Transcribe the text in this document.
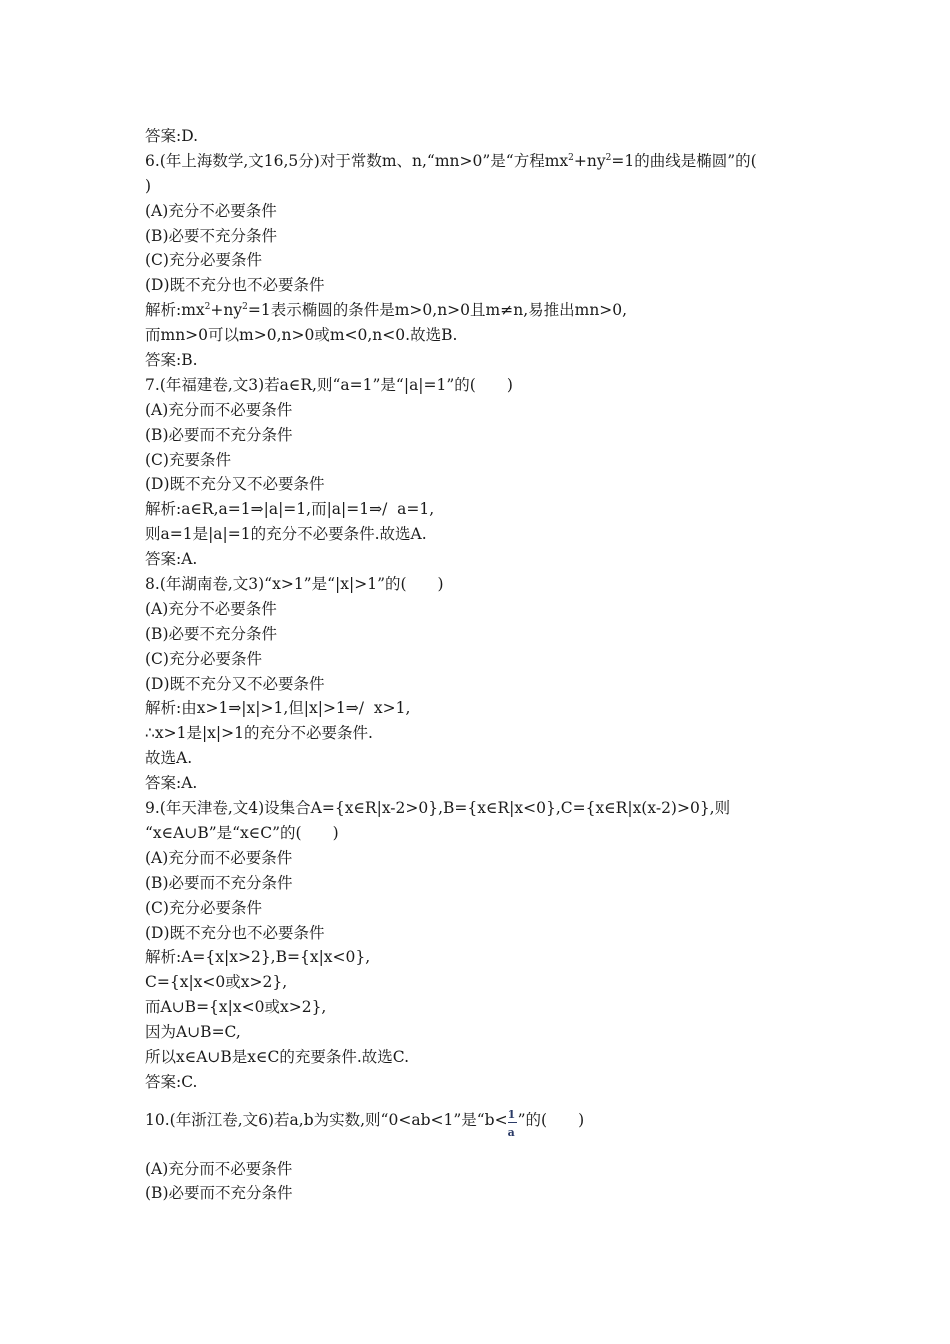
答案:D.
6.(年上海数学,文16,5分)对于常数m、n,“mn>0”是“方程$mx^2+ny^2=1$的曲线是椭圆”的(
)
(A)充分不必要条件
(B)必要不充分条件
(C)充分必要条件
(D)既不充分也不必要条件
解析$:mx^2+ny^2=1$表示椭圆的条件是m>0,n>0且m≠n,易推出mn>0,
而mn>0可以m>0,n>0或m<0,n<0.故选B.
答案:B.
7.(年福建卷,文3)若a∈R,则“a=1”是“|a|=1”的(　　)
(A)充分而不必要条件
(B)必要而不充分条件
(C)充要条件
(D)既不充分又不必要条件
解析:a∈R,a=1⇒|a|=1,而|a|=1⇒/  a=1,
则a=1是|a|=1的充分不必要条件.故选A.
答案:A.
8.(年湖南卷,文3)“x>1”是“|x|>1”的(　　)
(A)充分不必要条件
(B)必要不充分条件
(C)充分必要条件
(D)既不充分又不必要条件
解析:由x>1⇒|x|>1,但|x|>1⇒/  x>1,
∴x>1是|x|>1的充分不必要条件.
故选A.
答案:A.
9.(年天津卷,文4)设集合A={x∈R|x-2>0},B={x∈R|x<0},C={x∈R|x(x-2)>0},则
“x∈A∪B”是“x∈C”的(　　)
(A)充分而不必要条件
(B)必要而不充分条件
(C)充分必要条件
(D)既不充分也不必要条件
解析:A={x|x>2},B={x|x<0},
C={x|x<0或x>2},
而A∪B={x|x<0或x>2},
因为A∪B=C,
所以x∈A∪B是x∈C的充要条件.故选C.
答案:C.
10.(年浙江卷,文6)若a,b为实数,则“0<ab<1”是“$b< \frac{1}{a}$ ”的(　　)
(A)充分而不必要条件
(B)必要而不充分条件
